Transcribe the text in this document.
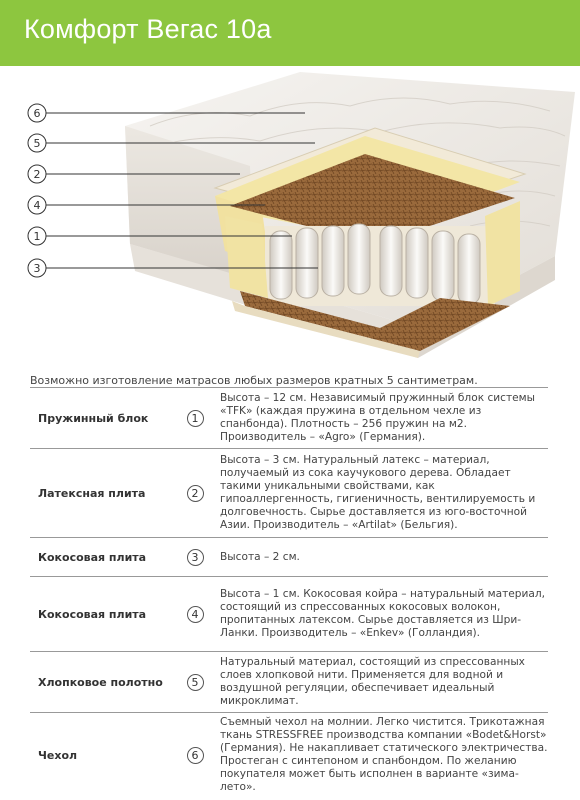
Комфорт Вегас 10а
6
5
2
4
1
3
Возможно изготовление матрасов любых размеров кратных 5 сантиметрам.
Пружинный блок	1
Высота – 12 см. Независимый пружинный блок системы «TFK» (каждая пружина в отдельном чехле из спанбонда). Плотность – 256 пружин на м2. Производитель – «Agro» (Германия).
Латексная плита	2
Высота – 3 см. Натуральный латекс – материал, получаемый из сока каучукового дерева. Обладает такими уникальными свойствами, как гипоаллергенность, гигиеничность, вентилируемость и долговечность. Сырье доставляется из юго-восточной Азии. Производитель – «Artilat» (Бельгия).
Кокосовая плита	3	Высота – 2 см.
Кокосовая плита	4
Высота – 1 см. Кокосовая койра – натуральный материал, состоящий из спрессованных кокосовых волокон, пропитанных латексом. Сырье доставляется из Шри-Ланки. Производитель – «Enkev» (Голландия).
Хлопковое полотно	5
Натуральный материал, состоящий из спрессованных слоев хлопковой нити. Применяется для водной и воздушной регуляции, обеспечивает идеальный микроклимат.
Чехол	6
Съемный чехол на молнии. Легко чистится. Трикотажная ткань STRESSFREE производства компании «Bodet&Horst» (Германия). Не накапливает статического электричества. Простеган с синтепоном и спанбондом. По желанию покупателя может быть исполнен в варианте «зима-лето».
